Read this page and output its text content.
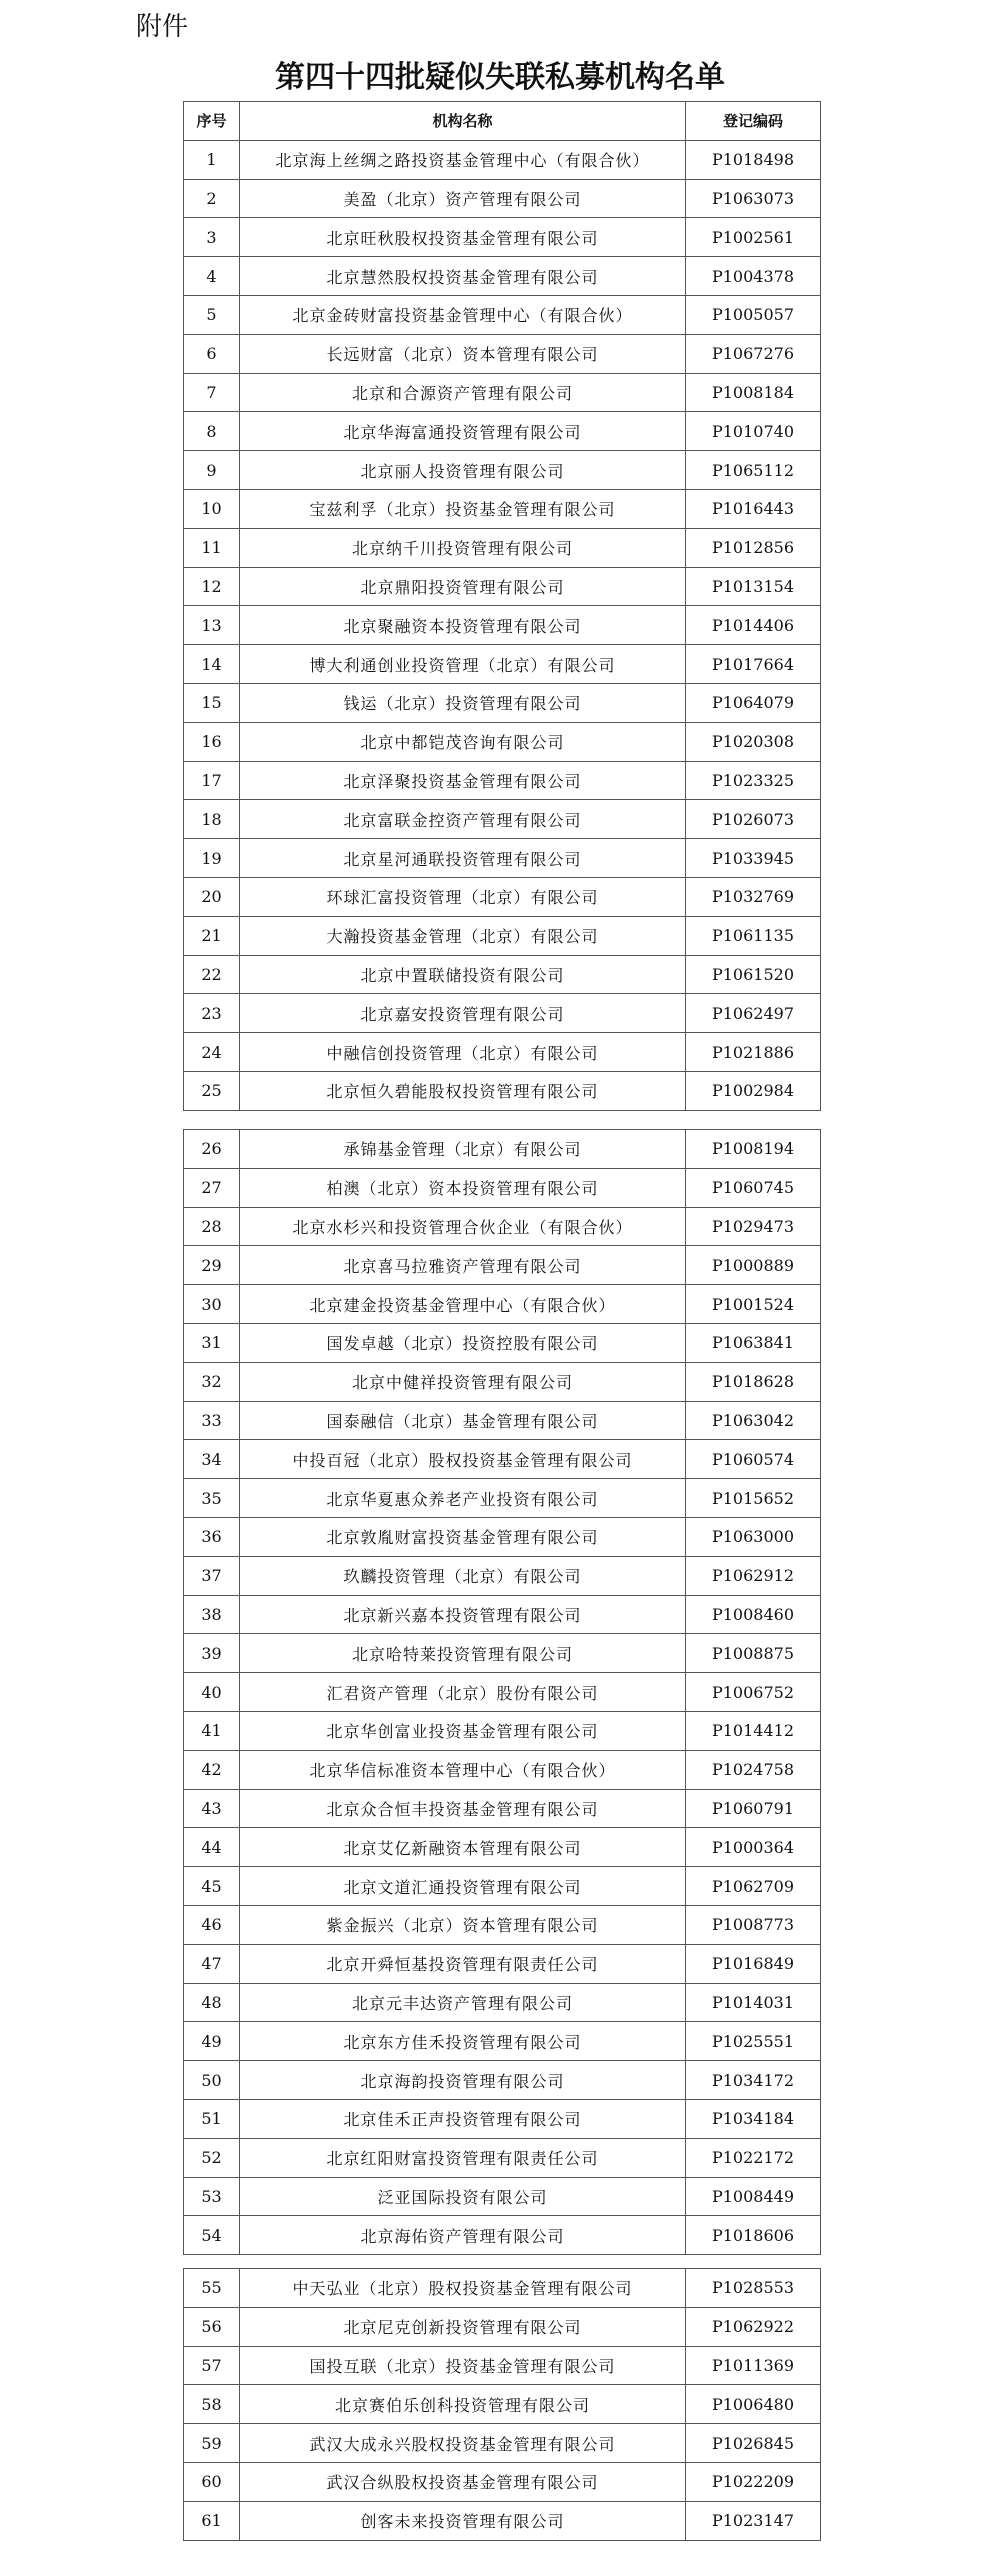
附件
第四十四批疑似失联私募机构名单
序号	机构名称	登记编码
1	北京海上丝绸之路投资基金管理中心（有限合伙）	P1018498
2	美盈（北京）资产管理有限公司	P1063073
3	北京旺秋股权投资基金管理有限公司	P1002561
4	北京慧然股权投资基金管理有限公司	P1004378
5	北京金砖财富投资基金管理中心（有限合伙）	P1005057
6	长远财富（北京）资本管理有限公司	P1067276
7	北京和合源资产管理有限公司	P1008184
8	北京华海富通投资管理有限公司	P1010740
9	北京丽人投资管理有限公司	P1065112
10	宝兹利孚（北京）投资基金管理有限公司	P1016443
11	北京纳千川投资管理有限公司	P1012856
12	北京鼎阳投资管理有限公司	P1013154
13	北京聚融资本投资管理有限公司	P1014406
14	博大利通创业投资管理（北京）有限公司	P1017664
15	钱运（北京）投资管理有限公司	P1064079
16	北京中都铠茂咨询有限公司	P1020308
17	北京泽聚投资基金管理有限公司	P1023325
18	北京富联金控资产管理有限公司	P1026073
19	北京星河通联投资管理有限公司	P1033945
20	环球汇富投资管理（北京）有限公司	P1032769
21	大瀚投资基金管理（北京）有限公司	P1061135
22	北京中置联储投资有限公司	P1061520
23	北京嘉安投资管理有限公司	P1062497
24	中融信创投资管理（北京）有限公司	P1021886
25	北京恒久碧能股权投资管理有限公司	P1002984
26	承锦基金管理（北京）有限公司	P1008194
27	柏澳（北京）资本投资管理有限公司	P1060745
28	北京水杉兴和投资管理合伙企业（有限合伙）	P1029473
29	北京喜马拉雅资产管理有限公司	P1000889
30	北京建金投资基金管理中心（有限合伙）	P1001524
31	国发卓越（北京）投资控股有限公司	P1063841
32	北京中健祥投资管理有限公司	P1018628
33	国泰融信（北京）基金管理有限公司	P1063042
34	中投百冠（北京）股权投资基金管理有限公司	P1060574
35	北京华夏惠众养老产业投资有限公司	P1015652
36	北京敦胤财富投资基金管理有限公司	P1063000
37	玖麟投资管理（北京）有限公司	P1062912
38	北京新兴嘉本投资管理有限公司	P1008460
39	北京哈特莱投资管理有限公司	P1008875
40	汇君资产管理（北京）股份有限公司	P1006752
41	北京华创富业投资基金管理有限公司	P1014412
42	北京华信标准资本管理中心（有限合伙）	P1024758
43	北京众合恒丰投资基金管理有限公司	P1060791
44	北京艾亿新融资本管理有限公司	P1000364
45	北京文道汇通投资管理有限公司	P1062709
46	紫金振兴（北京）资本管理有限公司	P1008773
47	北京开舜恒基投资管理有限责任公司	P1016849
48	北京元丰达资产管理有限公司	P1014031
49	北京东方佳禾投资管理有限公司	P1025551
50	北京海韵投资管理有限公司	P1034172
51	北京佳禾正声投资管理有限公司	P1034184
52	北京红阳财富投资管理有限责任公司	P1022172
53	泛亚国际投资有限公司	P1008449
54	北京海佑资产管理有限公司	P1018606
55	中天弘业（北京）股权投资基金管理有限公司	P1028553
56	北京尼克创新投资管理有限公司	P1062922
57	国投互联（北京）投资基金管理有限公司	P1011369
58	北京赛伯乐创科投资管理有限公司	P1006480
59	武汉大成永兴股权投资基金管理有限公司	P1026845
60	武汉合纵股权投资基金管理有限公司	P1022209
61	创客未来投资管理有限公司	P1023147
